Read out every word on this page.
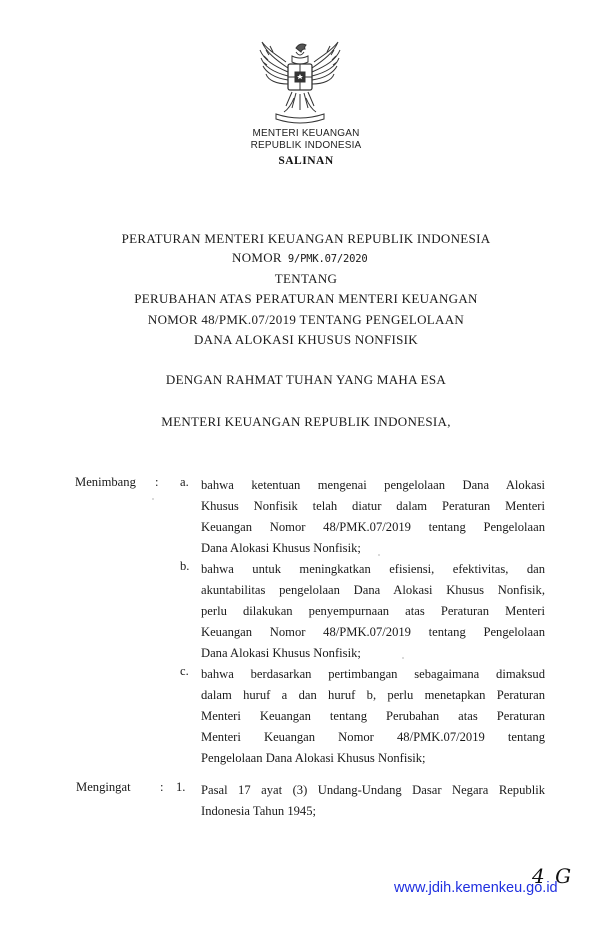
MENTERI KEUANGAN
REPUBLIK INDONESIA
SALINAN
PERATURAN MENTERI KEUANGAN REPUBLIK INDONESIA
NOMOR 9/PMK.07/2020
TENTANG
PERUBAHAN ATAS PERATURAN MENTERI KEUANGAN
NOMOR 48/PMK.07/2019 TENTANG PENGELOLAAN
DANA ALOKASI KHUSUS NONFISIK
DENGAN RAHMAT TUHAN YANG MAHA ESA
MENTERI KEUANGAN REPUBLIK INDONESIA,
Menimbang : a. bahwa ketentuan mengenai pengelolaan Dana Alokasi
Khusus Nonfisik telah diatur dalam Peraturan Menteri
Keuangan Nomor 48/PMK.07/2019 tentang Pengelolaan
Dana Alokasi Khusus Nonfisik;
b. bahwa untuk meningkatkan efisiensi, efektivitas, dan
akuntabilitas pengelolaan Dana Alokasi Khusus Nonfisik,
perlu dilakukan penyempurnaan atas Peraturan Menteri
Keuangan Nomor 48/PMK.07/2019 tentang Pengelolaan
Dana Alokasi Khusus Nonfisik;
c. bahwa berdasarkan pertimbangan sebagaimana dimaksud
dalam huruf a dan huruf b, perlu menetapkan Peraturan
Menteri Keuangan tentang Perubahan atas Peraturan
Menteri Keuangan Nomor 48/PMK.07/2019 tentang
Pengelolaan Dana Alokasi Khusus Nonfisik;
Mengingat : 1. Pasal 17 ayat (3) Undang-Undang Dasar Negara Republik
Indonesia Tahun 1945;
www.jdih.kemenkeu.go.id
4 G
